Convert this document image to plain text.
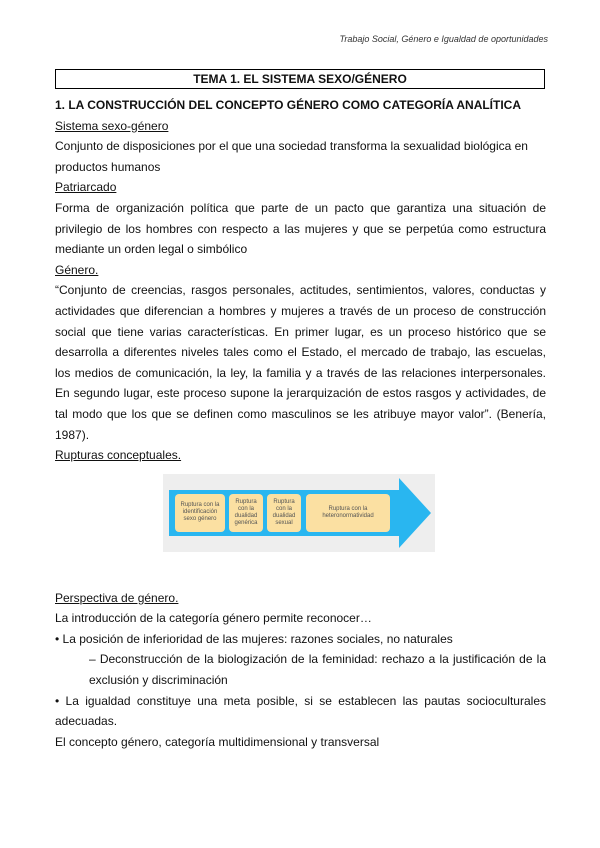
Trabajo Social, Género e Igualdad de oportunidades
TEMA 1. EL SISTEMA SEXO/GÉNERO

1. LA CONSTRUCCIÓN DEL CONCEPTO GÉNERO COMO CATEGORÍA ANALÍTICA

Sistema sexo-género

Conjunto de disposiciones por el que una sociedad transforma la sexualidad biológica en productos humanos

Patriarcado

Forma de organización política que parte de un pacto que garantiza una situación de privilegio de los hombres con respecto a las mujeres y que se perpetúa como estructura mediante un orden legal o simbólico

Género.

“Conjunto de creencias, rasgos personales, actitudes, sentimientos, valores, conductas y actividades que diferencian a hombres y mujeres a través de un proceso de construcción social que tiene varias características. En primer lugar, es un proceso histórico que se desarrolla a diferentes niveles tales como el Estado, el mercado de trabajo, las escuelas, los medios de comunicación, la ley, la familia y a través de las relaciones interpersonales. En segundo lugar, este proceso supone la jerarquización de estos rasgos y actividades, de tal modo que los que se definen como masculinos se les atribuye mayor valor”. (Benería, 1987).

Rupturas conceptuales.

Ruptura con la identificación sexo género
Ruptura con la dualidad genérica
Ruptura con la dualidad sexual
Ruptura con la heteronormatividad

Perspectiva de género.

La introducción de la categoría género permite reconocer…

• La posición de inferioridad de las mujeres: razones sociales, no naturales

– Deconstrucción de la biologización de la feminidad: rechazo a la justificación de la exclusión y discriminación

• La igualdad constituye una meta posible, si se establecen las pautas socioculturales adecuadas.

El concepto género, categoría multidimensional y transversal
